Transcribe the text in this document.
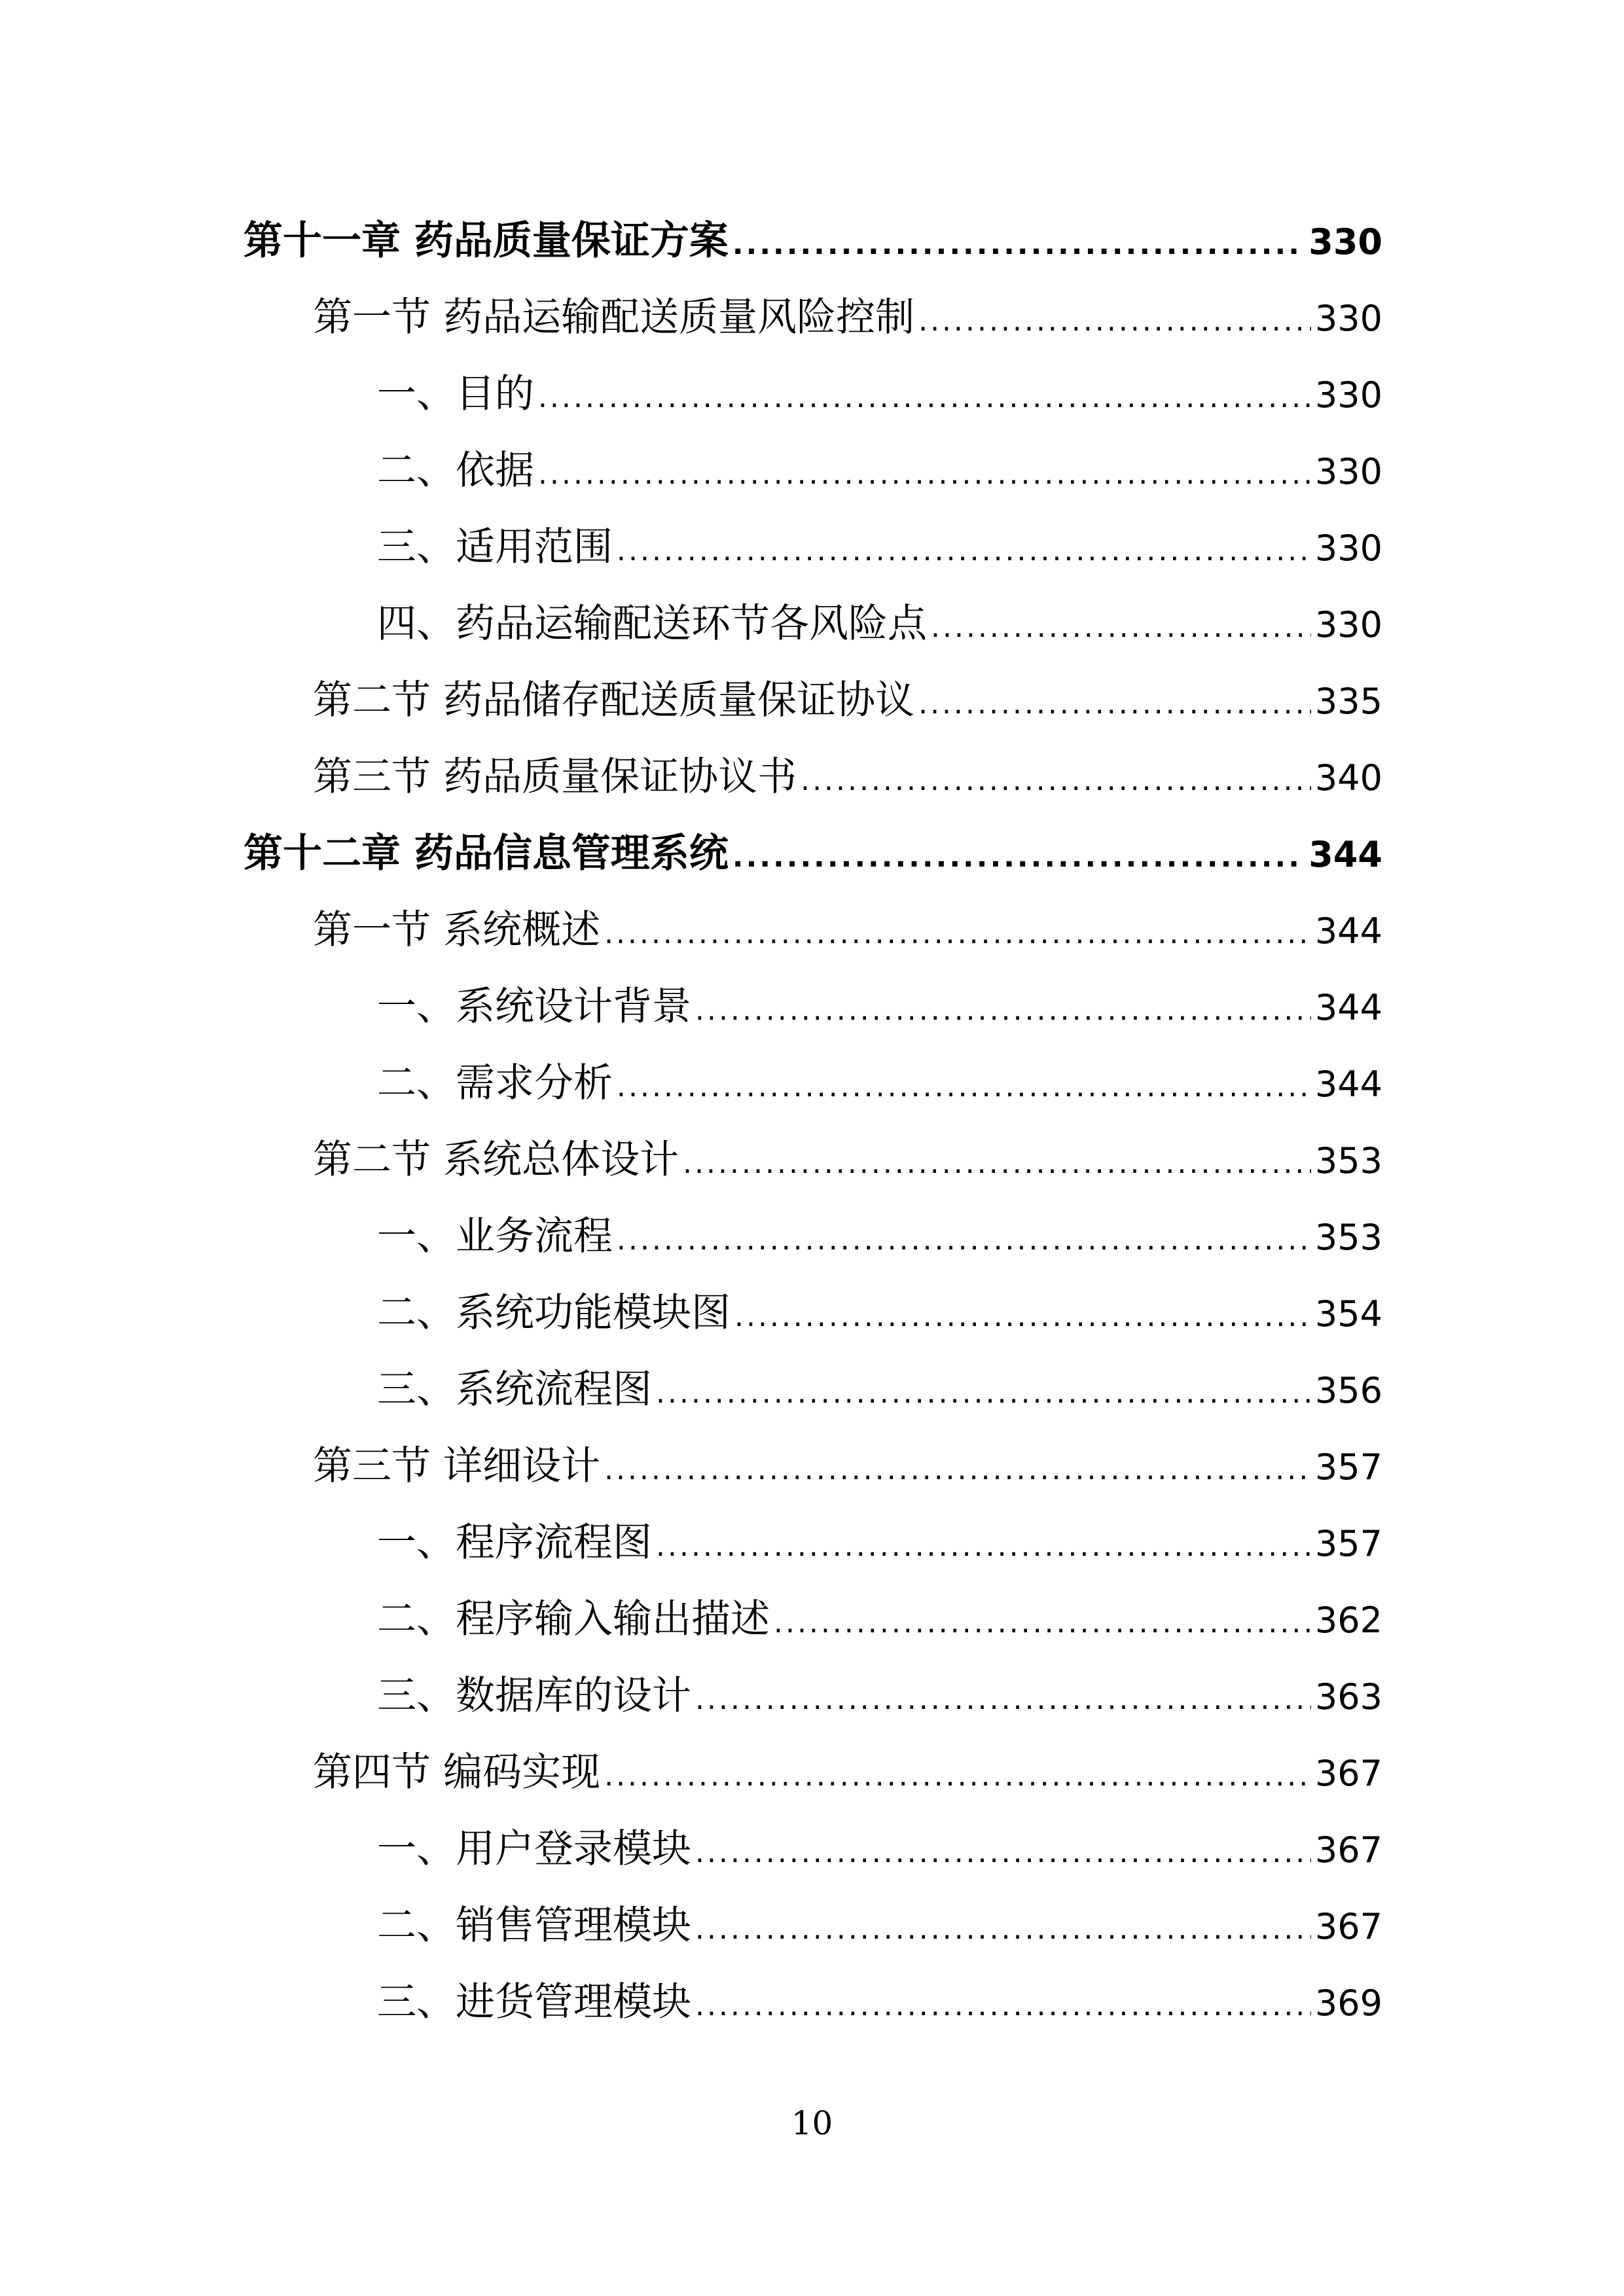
第十一章 药品质量保证方案 .....	330
第一节 药品运输配送质量风险控制 .....	330
一、目的 .....	330
二、依据 .....	330
三、适用范围 .....	330
四、药品运输配送环节各风险点 .....	330
第二节 药品储存配送质量保证协议 .....	335
第三节 药品质量保证协议书 .....	340
第十二章 药品信息管理系统 .....	344
第一节 系统概述 .....	344
一、系统设计背景 .....	344
二、需求分析 .....	344
第二节 系统总体设计 .....	353
一、业务流程 .....	353
二、系统功能模块图 .....	354
三、系统流程图 .....	356
第三节 详细设计 .....	357
一、程序流程图 .....	357
二、程序输入输出描述 .....	362
三、数据库的设计 .....	363
第四节 编码实现 .....	367
一、用户登录模块 .....	367
二、销售管理模块 .....	367
三、进货管理模块 .....	369
10
